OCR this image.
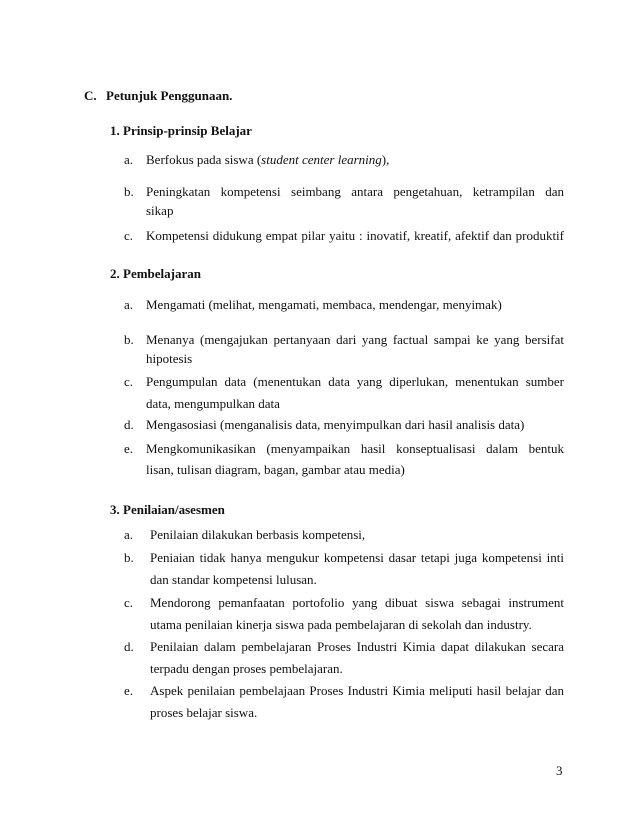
C. Petunjuk Penggunaan.
1. Prinsip-prinsip Belajar
a. Berfokus pada siswa (student center learning),
b. Peningkatan kompetensi seimbang antara pengetahuan, ketrampilan dan
sikap
c. Kompetensi didukung empat pilar yaitu : inovatif, kreatif, afektif dan produktif
2. Pembelajaran
a. Mengamati (melihat, mengamati, membaca, mendengar, menyimak)
b. Menanya (mengajukan pertanyaan dari yang factual sampai ke yang bersifat
hipotesis
c. Pengumpulan data (menentukan data yang diperlukan, menentukan sumber
data, mengumpulkan data
d. Mengasosiasi (menganalisis data, menyimpulkan dari hasil analisis data)
e. Mengkomunikasikan (menyampaikan hasil konseptualisasi dalam bentuk
lisan, tulisan diagram, bagan, gambar atau media)
3. Penilaian/asesmen
a. Penilaian dilakukan berbasis kompetensi,
b. Peniaian tidak hanya mengukur kompetensi dasar tetapi juga kompetensi inti
dan standar kompetensi lulusan.
c. Mendorong pemanfaatan portofolio yang dibuat siswa sebagai instrument
utama penilaian kinerja siswa pada pembelajaran di sekolah dan industry.
d. Penilaian dalam pembelajaran Proses Industri Kimia dapat dilakukan secara
terpadu dengan proses pembelajaran.
e. Aspek penilaian pembelajaan Proses Industri Kimia meliputi hasil belajar dan
proses belajar siswa.
3
